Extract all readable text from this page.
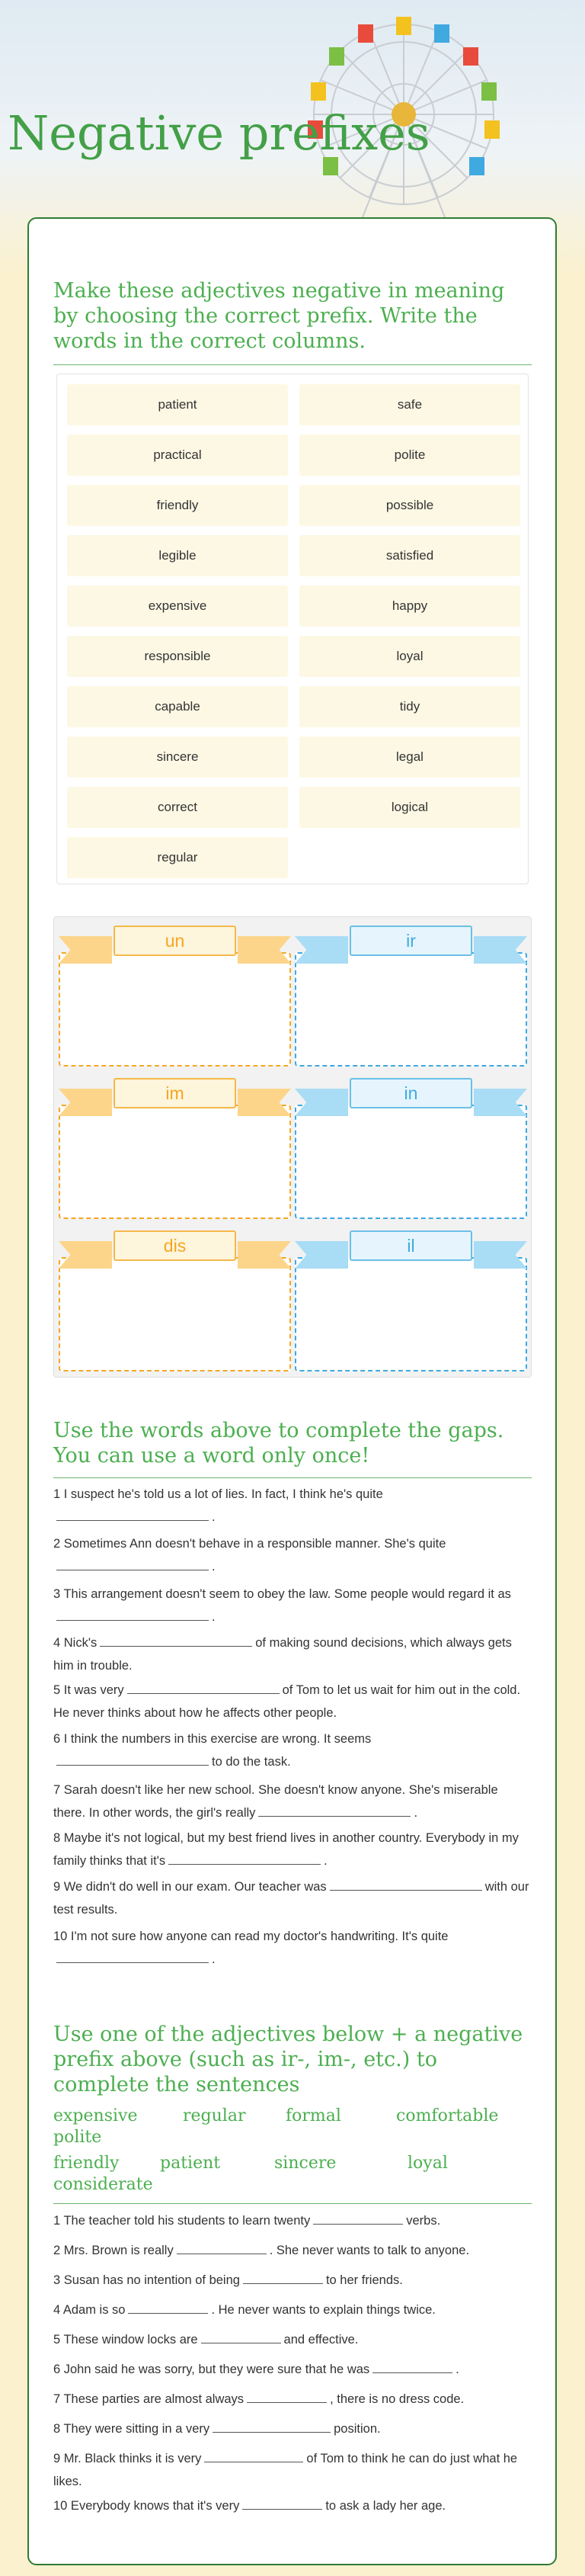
Negative prefixes
Make these adjectives negative in meaning by choosing the correct prefix. Write the words in the correct columns.
patient	safe
practical	polite
friendly	possible
legible	satisfied
expensive	happy
responsible	loyal
capable	tidy
sincere	legal
correct	logical
regular
un	ir
im	in
dis	il
Use the words above to complete the gaps. You can use a word only once!
1 I suspect he's told us a lot of lies. In fact, I think he's quite
.
2 Sometimes Ann doesn't behave in a responsible manner. She's quite
.
3 This arrangement doesn't seem to obey the law. Some people would regard it as.
4 Nick's	of making sound decisions, which always gets him in trouble.
5 It was very	of Tom to let us wait for him out in the cold. He never thinks about how he affects other people.
6 I think the numbers in this exercise are wrong. It seems
to do the task.
7 Sarah doesn't like her new school. She doesn't know anyone. She's miserable there. In other words, the girl's really	.
8 Maybe it's not logical, but my best friend lives in another country. Everybody in my family thinks that it's	.
9 We didn't do well in our exam. Our teacher was	with our test results.
10 I'm not sure how anyone can read my doctor's handwriting. It's quite
.
Use one of the adjectives below + a negative prefix above (such as ir-, im-, etc.) to complete the sentences
expensive	regular formal	comfortable
polite
friendly patient	sincere	loyal
considerate
1 The teacher told his students to learn twenty	verbs.
2 Mrs. Brown is really	. She never wants to talk to anyone.
3 Susan has no intention of being	to her friends.
4 Adam is so	. He never wants to explain things twice.
5 These window locks are	and effective.
6 John said he was sorry, but they were sure that he was	.
7 These parties are almost always	, there is no dress code.
8 They were sitting in a very	position.
9 Mr. Black thinks it is very	of Tom to think he can do just what he likes.
10 Everybody knows that it's very	to ask a lady her age.
